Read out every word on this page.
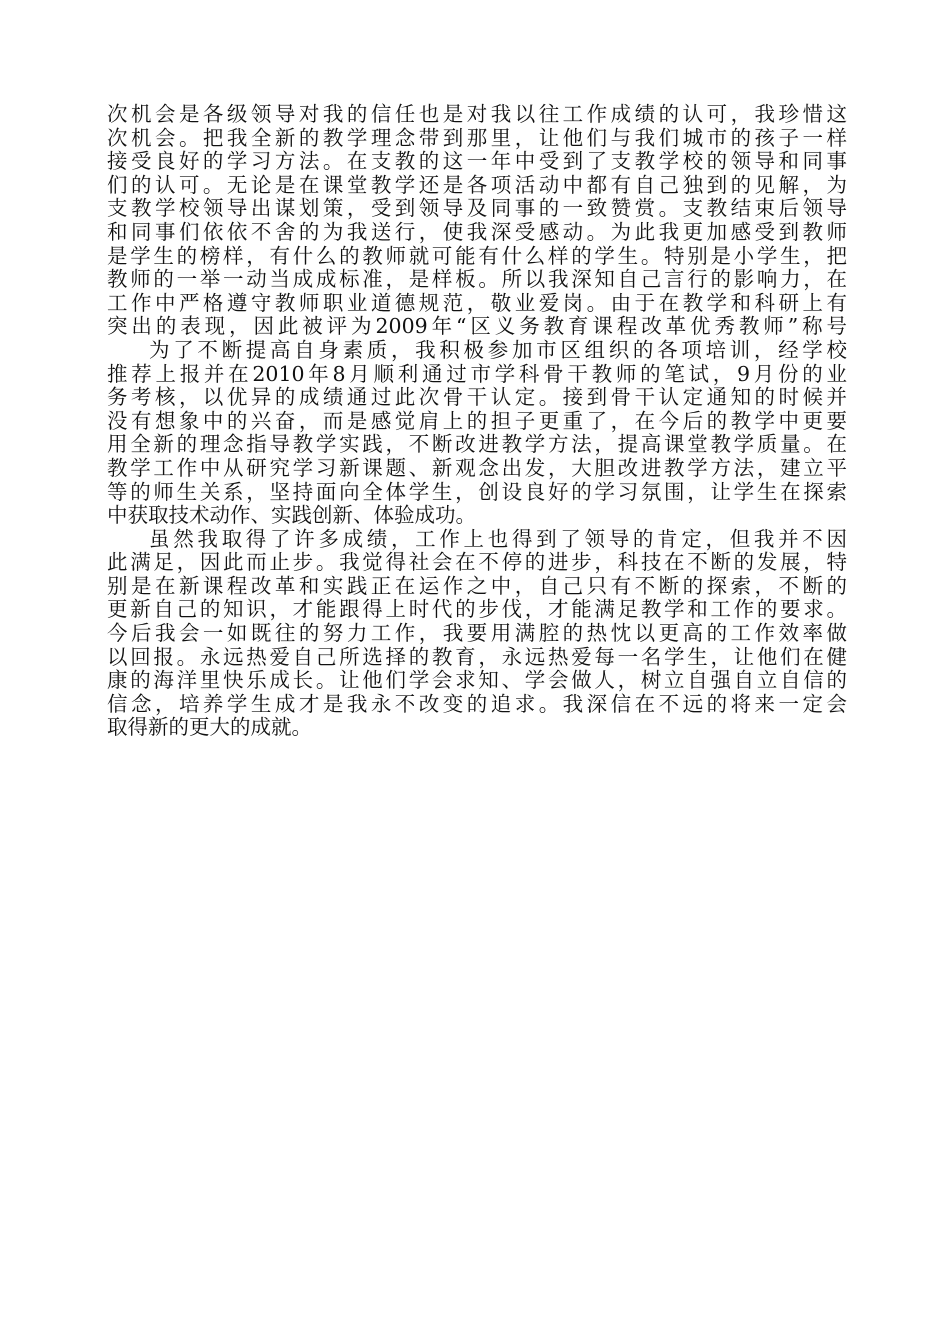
次机会是各级领导对我的信任也是对我以往工作成绩的认可，我珍惜这
次机会。把我全新的教学理念带到那里，让他们与我们城市的孩子一样
接受良好的学习方法。在支教的这一年中受到了支教学校的领导和同事
们的认可。无论是在课堂教学还是各项活动中都有自己独到的见解，为
支教学校领导出谋划策，受到领导及同事的一致赞赏。支教结束后领导
和同事们依依不舍的为我送行，使我深受感动。为此我更加感受到教师
是学生的榜样，有什么的教师就可能有什么样的学生。特别是小学生，把
教师的一举一动当成成标准，是样板。所以我深知自己言行的影响力，在
工作中严格遵守教师职业道德规范，敬业爱岗。由于在教学和科研上有
突出的表现，因此被评为2009年“区义务教育课程改革优秀教师”称号
为了不断提高自身素质，我积极参加市区组织的各项培训，经学校
推荐上报并在2010年8月顺利通过市学科骨干教师的笔试，9月份的业
务考核，以优异的成绩通过此次骨干认定。接到骨干认定通知的时候并
没有想象中的兴奋，而是感觉肩上的担子更重了，在今后的教学中更要
用全新的理念指导教学实践，不断改进教学方法，提高课堂教学质量。在
教学工作中从研究学习新课题、新观念出发，大胆改进教学方法，建立平
等的师生关系，坚持面向全体学生，创设良好的学习氛围，让学生在探索
中获取技术动作、实践创新、体验成功。
虽然我取得了许多成绩，工作上也得到了领导的肯定，但我并不因
此满足，因此而止步。我觉得社会在不停的进步，科技在不断的发展，特
别是在新课程改革和实践正在运作之中，自己只有不断的探索，不断的
更新自己的知识，才能跟得上时代的步伐，才能满足教学和工作的要求。
今后我会一如既往的努力工作，我要用满腔的热忱以更高的工作效率做
以回报。永远热爱自己所选择的教育，永远热爱每一名学生，让他们在健
康的海洋里快乐成长。让他们学会求知、学会做人，树立自强自立自信的
信念，培养学生成才是我永不改变的追求。我深信在不远的将来一定会
取得新的更大的成就。
